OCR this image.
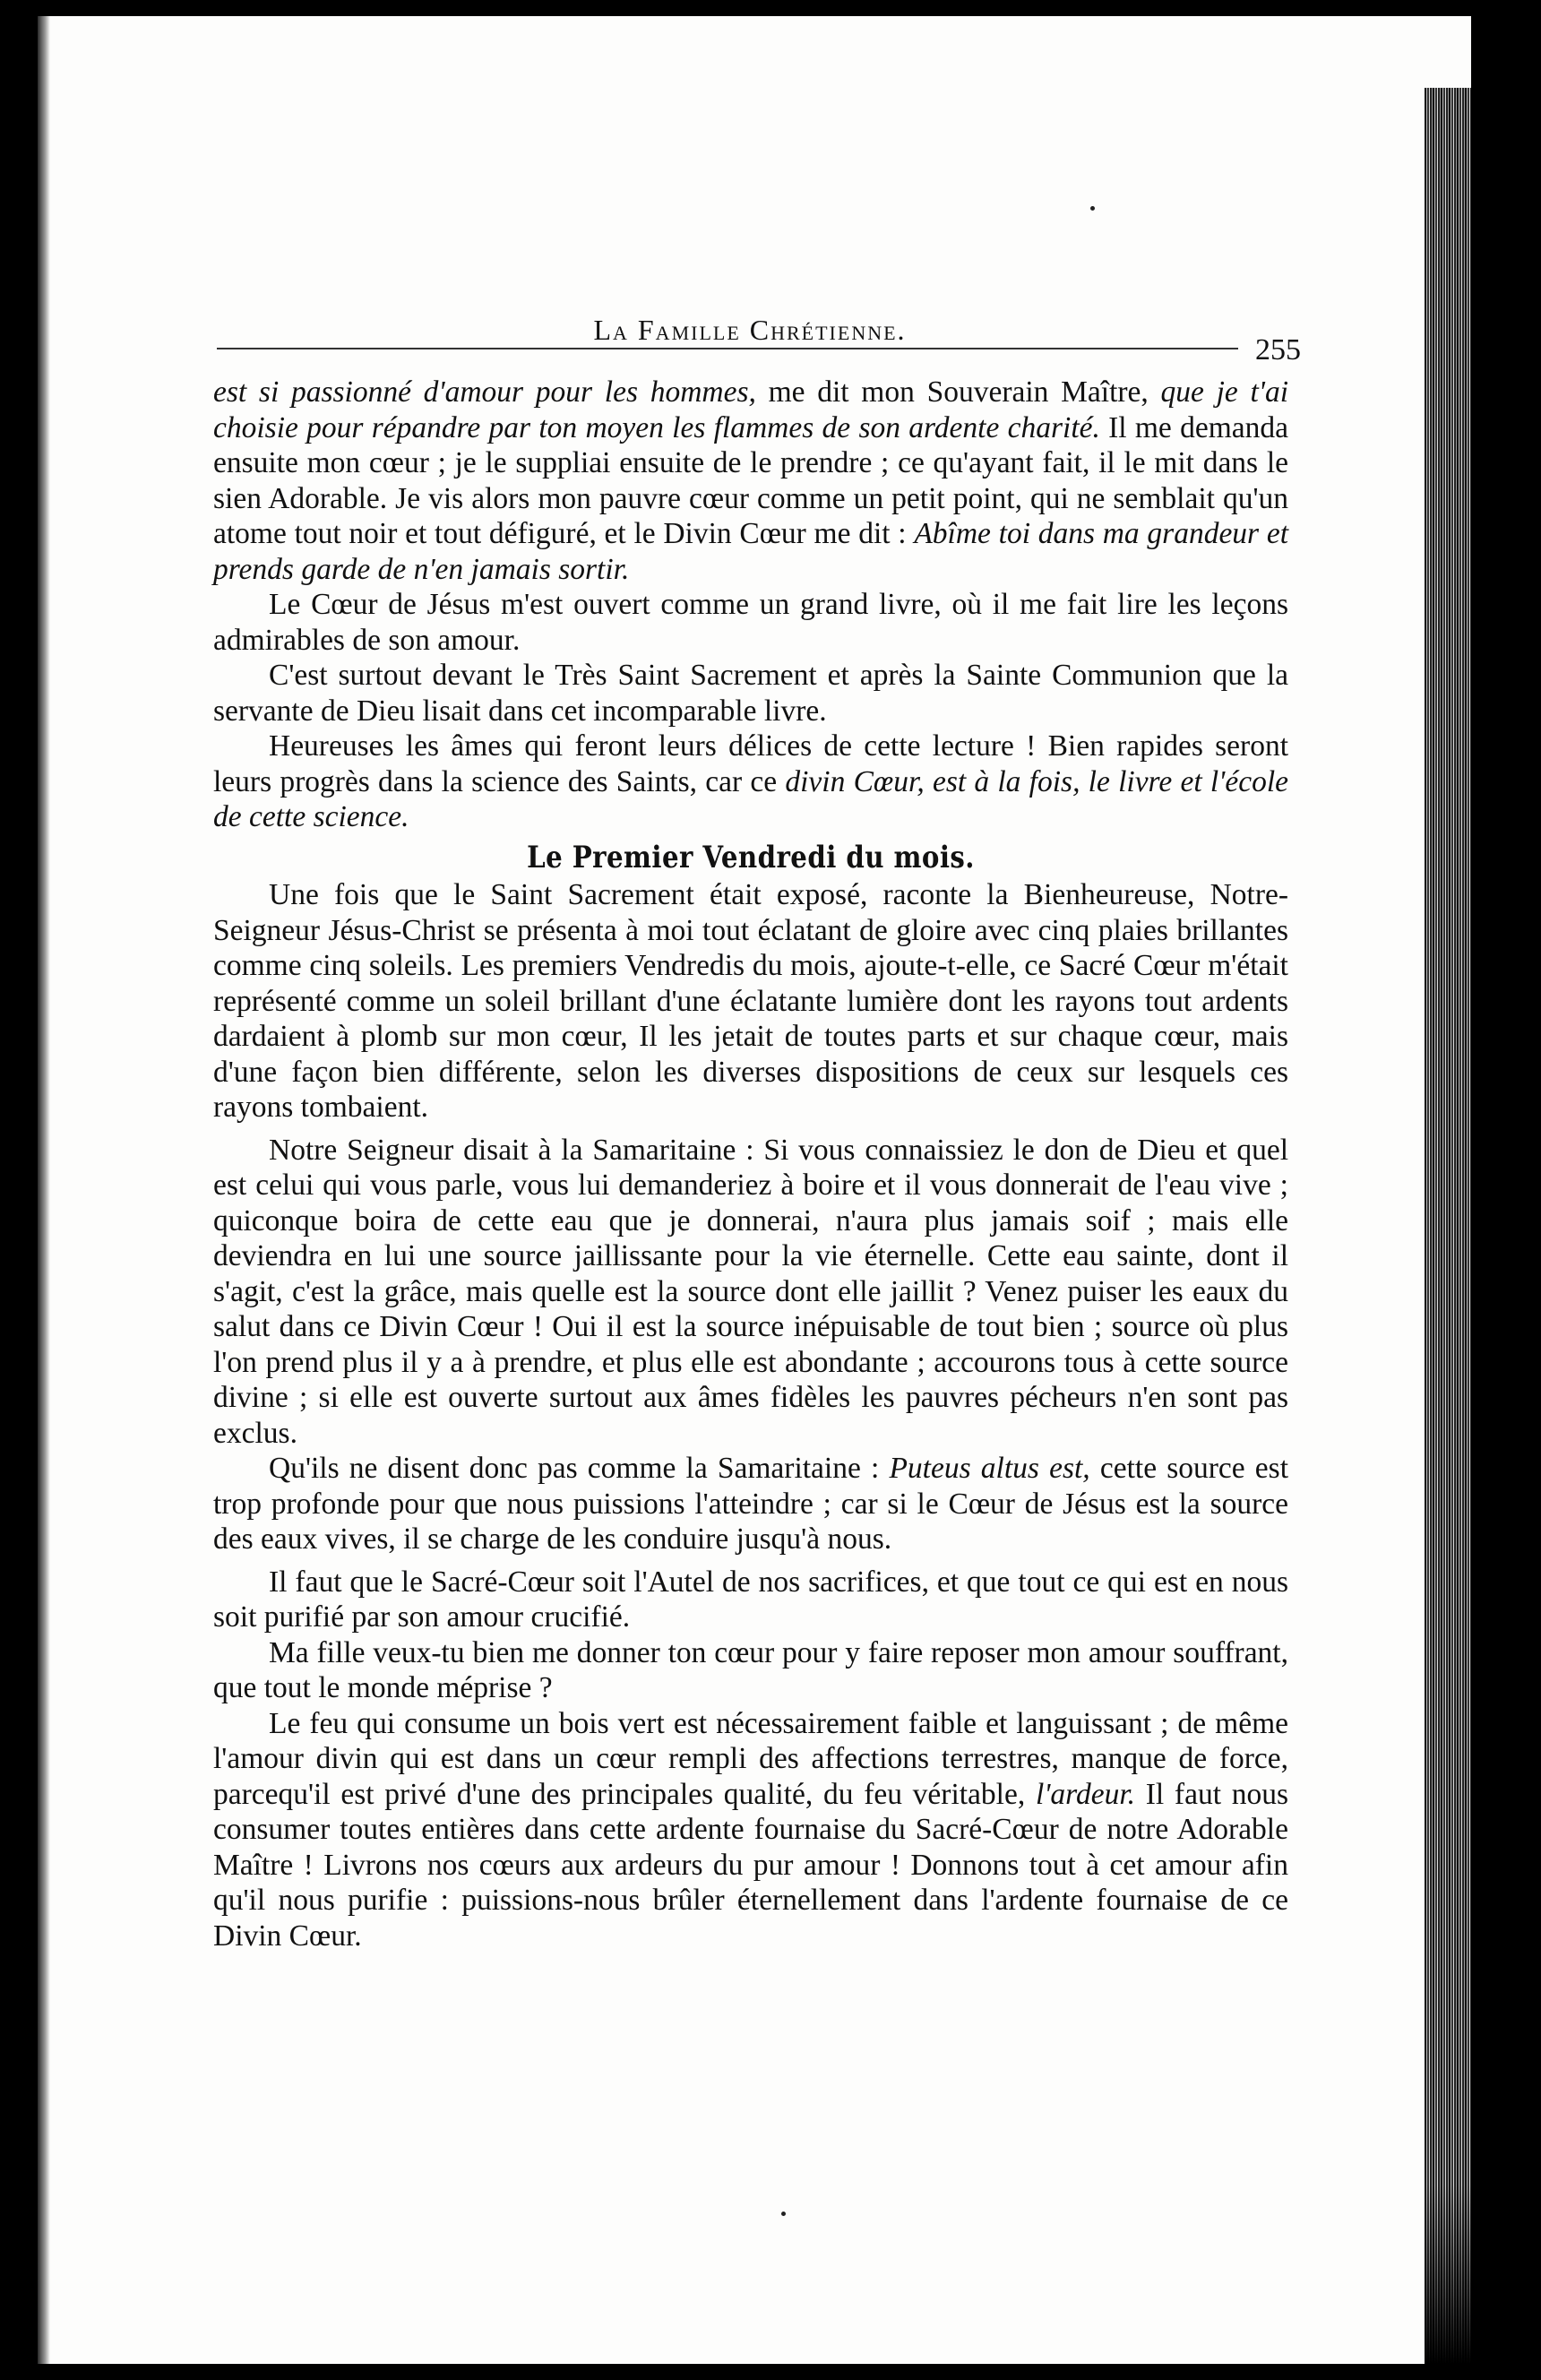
La Famille Chrétienne.
255

est si passionné d'amour pour les hommes, me dit mon Souverain Maître, que je t'ai choisie pour répandre par ton moyen les flammes de son ardente charité. Il me demanda ensuite mon cœur ; je le suppliai ensuite de le prendre ; ce qu'ayant fait, il le mit dans le sien Adorable. Je vis alors mon pauvre cœur comme un petit point, qui ne semblait qu'un atome tout noir et tout défiguré, et le Divin Cœur me dit : Abîme toi dans ma grandeur et prends garde de n'en jamais sortir.

Le Cœur de Jésus m'est ouvert comme un grand livre, où il me fait lire les leçons admirables de son amour.

C'est surtout devant le Très Saint Sacrement et après la Sainte Communion que la servante de Dieu lisait dans cet incomparable livre.

Heureuses les âmes qui feront leurs délices de cette lecture ! Bien rapides seront leurs progrès dans la science des Saints, car ce divin Cœur, est à la fois, le livre et l'école de cette science.

Le Premier Vendredi du mois.

Une fois que le Saint Sacrement était exposé, raconte la Bienheureuse, Notre-Seigneur Jésus-Christ se présenta à moi tout éclatant de gloire avec cinq plaies brillantes comme cinq soleils. Les premiers Vendredis du mois, ajoute-t-elle, ce Sacré Cœur m'était représenté comme un soleil brillant d'une éclatante lumière dont les rayons tout ardents dardaient à plomb sur mon cœur, Il les jetait de toutes parts et sur chaque cœur, mais d'une façon bien différente, selon les diverses dispositions de ceux sur lesquels ces rayons tombaient.

Notre Seigneur disait à la Samaritaine : Si vous connaissiez le don de Dieu et quel est celui qui vous parle, vous lui demanderiez à boire et il vous donnerait de l'eau vive ; quiconque boira de cette eau que je donnerai, n'aura plus jamais soif ; mais elle deviendra en lui une source jaillissante pour la vie éternelle. Cette eau sainte, dont il s'agit, c'est la grâce, mais quelle est la source dont elle jaillit ? Venez puiser les eaux du salut dans ce Divin Cœur ! Oui il est la source inépuisable de tout bien ; source où plus l'on prend plus il y a à prendre, et plus elle est abondante ; accourons tous à cette source divine ; si elle est ouverte surtout aux âmes fidèles les pauvres pécheurs n'en sont pas exclus.

Qu'ils ne disent donc pas comme la Samaritaine : Puteus altus est, cette source est trop profonde pour que nous puissions l'atteindre ; car si le Cœur de Jésus est la source des eaux vives, il se charge de les conduire jusqu'à nous.

Il faut que le Sacré-Cœur soit l'Autel de nos sacrifices, et que tout ce qui est en nous soit purifié par son amour crucifié.

Ma fille veux-tu bien me donner ton cœur pour y faire reposer mon amour souffrant, que tout le monde méprise ?

Le feu qui consume un bois vert est nécessairement faible et languissant ; de même l'amour divin qui est dans un cœur rempli des affections terrestres, manque de force, parcequ'il est privé d'une des principales qualité, du feu véritable, l'ardeur. Il faut nous consumer toutes entières dans cette ardente fournaise du Sacré-Cœur de notre Adorable Maître ! Livrons nos cœurs aux ardeurs du pur amour ! Donnons tout à cet amour afin qu'il nous purifie : puissions-nous brûler éternellement dans l'ardente fournaise de ce Divin Cœur.
